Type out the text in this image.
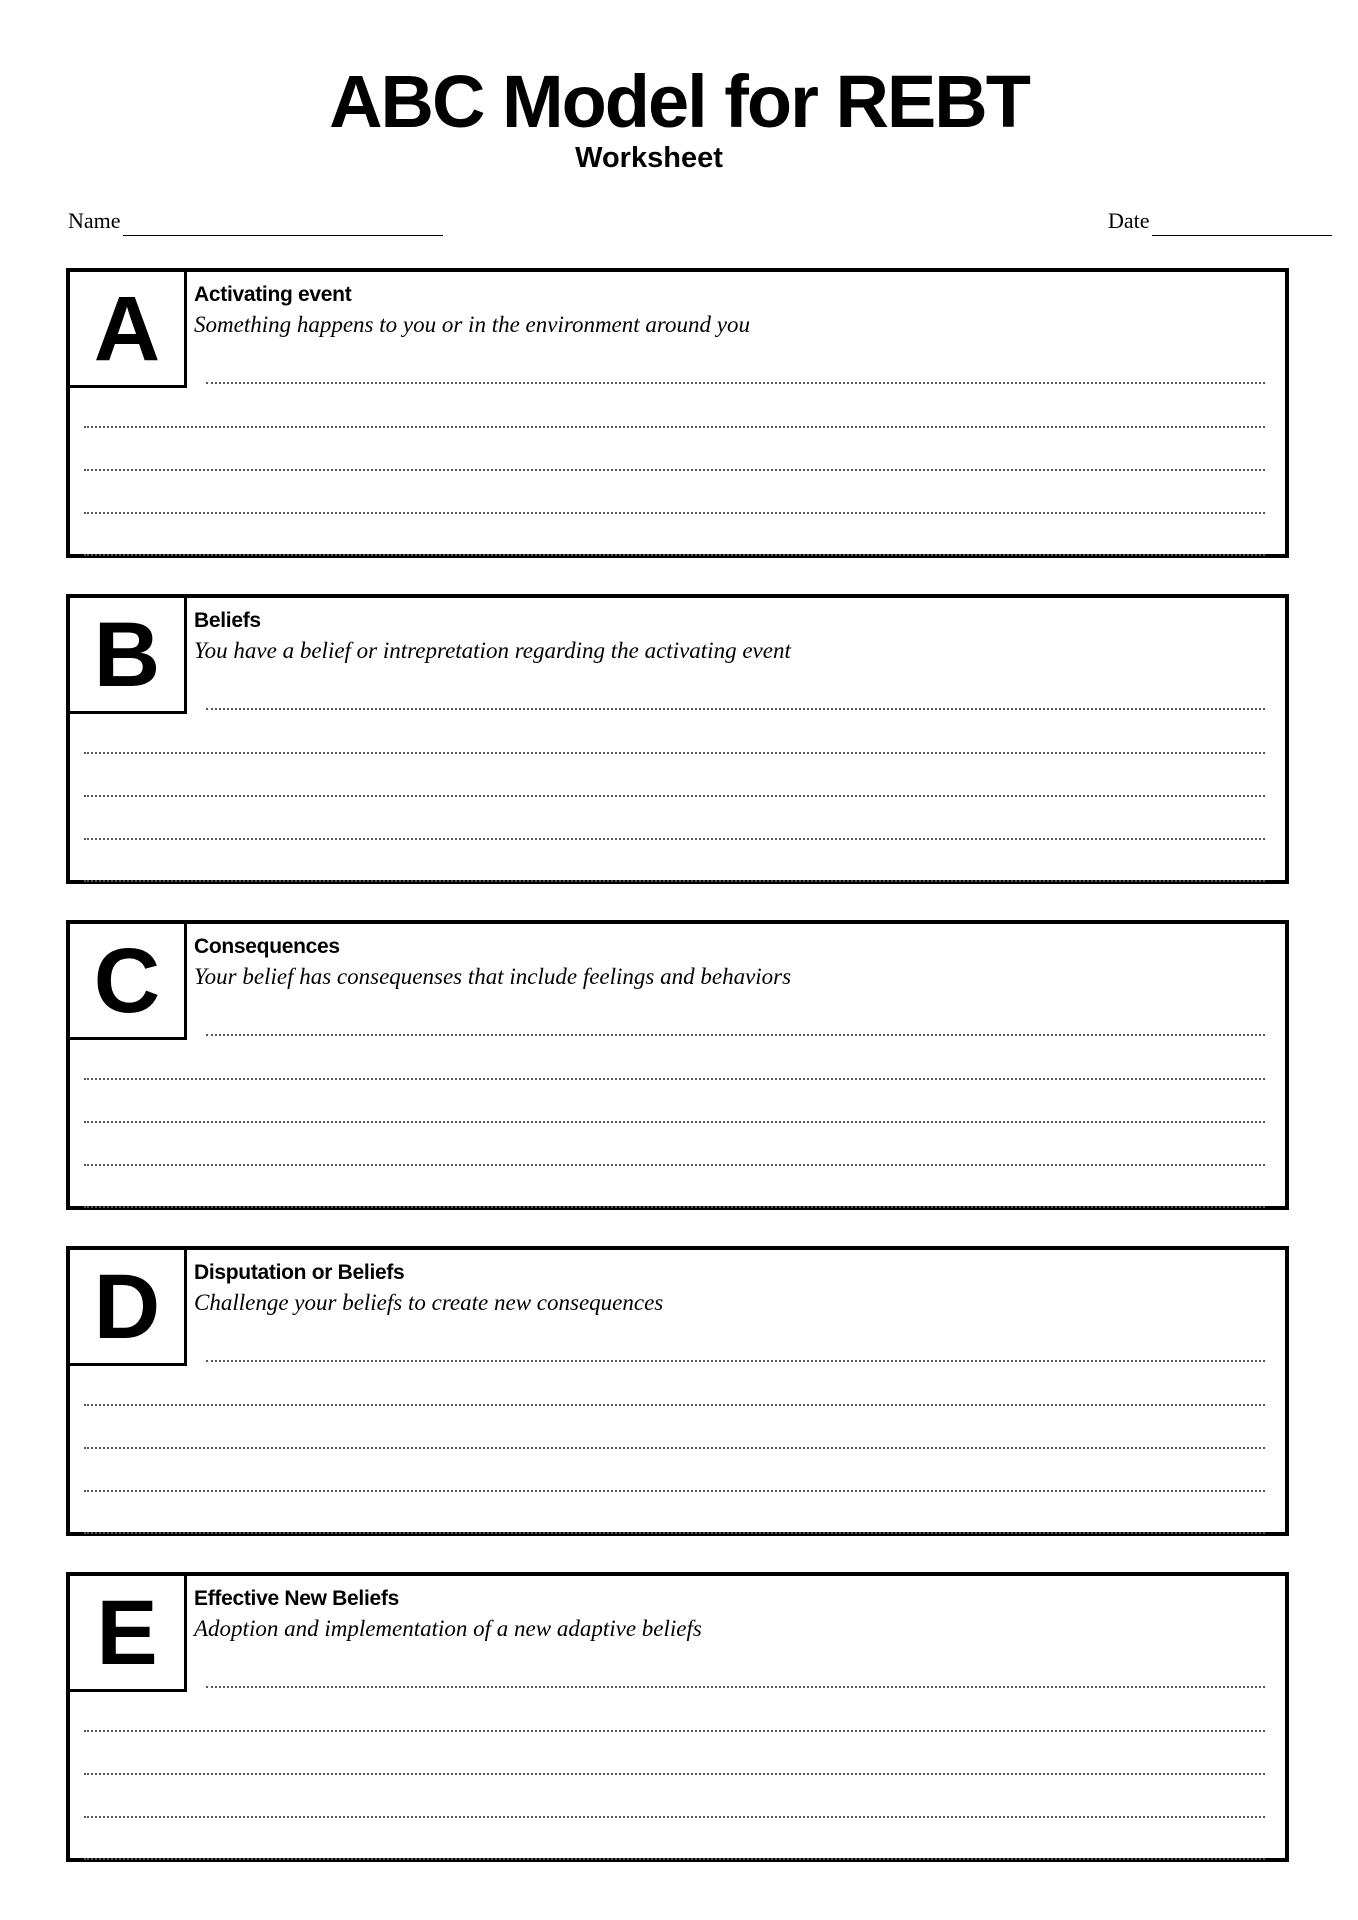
ABC Model for REBT
Worksheet
Name	Date
A	Activating event
Something happens to you or in the environment around you
B	Beliefs
You have a belief or intrepretation regarding the activating event
C	Consequences
Your belief has consequenses that include feelings and behaviors
D	Disputation or Beliefs
Challenge your beliefs to create new consequences
E	Effective New Beliefs
Adoption and implementation of a new adaptive beliefs
